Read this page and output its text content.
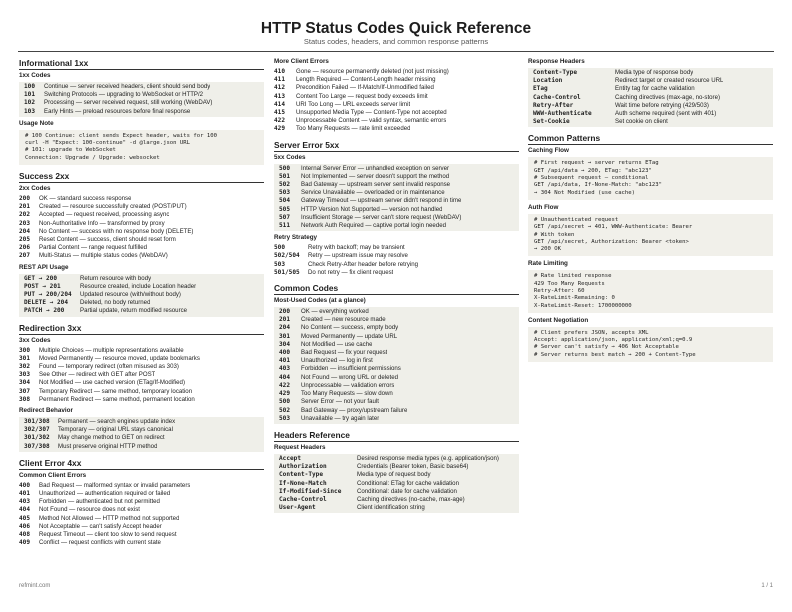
HTTP Status Codes Quick Reference
Status codes, headers, and common response patterns
Informational 1xx
1xx Codes
100	Continue — server received headers, client should send body
101	Switching Protocols — upgrading to WebSocket or HTTP/2
102	Processing — server received request, still working (WebDAV)
103	Early Hints — preload resources before final response
Usage Note
# 100 Continue: client sends Expect header, waits for 100
curl -H "Expect: 100-continue" -d @large.json URL
# 101: upgrade to WebSocket
Connection: Upgrade / Upgrade: websocket
Success 2xx
2xx Codes
200	OK — standard success response
201	Created — resource successfully created (POST/PUT)
202	Accepted — request received, processing async
203	Non-Authoritative Info — transformed by proxy
204	No Content — success with no response body (DELETE)
205	Reset Content — success, client should reset form
206	Partial Content — range request fulfilled
207	Multi-Status — multiple status codes (WebDAV)
REST API Usage
GET → 200	Return resource with body
POST → 201	Resource created, include Location header
PUT → 200/204	Updated resource (with/without body)
DELETE → 204	Deleted, no body returned
PATCH → 200	Partial update, return modified resource
Redirection 3xx
3xx Codes
300	Multiple Choices — multiple representations available
301	Moved Permanently — resource moved, update bookmarks
302	Found — temporary redirect (often misused as 303)
303	See Other — redirect with GET after POST
304	Not Modified — use cached version (ETag/If-Modified)
307	Temporary Redirect — same method, temporary location
308	Permanent Redirect — same method, permanent location
Redirect Behavior
301/308	Permanent — search engines update index
302/307	Temporary — original URL stays canonical
301/302	May change method to GET on redirect
307/308	Must preserve original HTTP method
Client Error 4xx
Common Client Errors
400	Bad Request — malformed syntax or invalid parameters
401	Unauthorized — authentication required or failed
403	Forbidden — authenticated but not permitted
404	Not Found — resource does not exist
405	Method Not Allowed — HTTP method not supported
406	Not Acceptable — can't satisfy Accept header
408	Request Timeout — client too slow to send request
409	Conflict — request conflicts with current state
More Client Errors
410	Gone — resource permanently deleted (not just missing)
411	Length Required — Content-Length header missing
412	Precondition Failed — If-Match/If-Unmodified failed
413	Content Too Large — request body exceeds limit
414	URI Too Long — URL exceeds server limit
415	Unsupported Media Type — Content-Type not accepted
422	Unprocessable Content — valid syntax, semantic errors
429	Too Many Requests — rate limit exceeded
Server Error 5xx
5xx Codes
500	Internal Server Error — unhandled exception on server
501	Not Implemented — server doesn't support the method
502	Bad Gateway — upstream server sent invalid response
503	Service Unavailable — overloaded or in maintenance
504	Gateway Timeout — upstream server didn't respond in time
505	HTTP Version Not Supported — version not handled
507	Insufficient Storage — server can't store request (WebDAV)
511	Network Auth Required — captive portal login needed
Retry Strategy
500	Retry with backoff; may be transient
502/504	Retry — upstream issue may resolve
503	Check Retry-After header before retrying
501/505	Do not retry — fix client request
Common Codes
Most-Used Codes (at a glance)
200	OK — everything worked
201	Created — new resource made
204	No Content — success, empty body
301	Moved Permanently — update URL
304	Not Modified — use cache
400	Bad Request — fix your request
401	Unauthorized — log in first
403	Forbidden — insufficient permissions
404	Not Found — wrong URL or deleted
422	Unprocessable — validation errors
429	Too Many Requests — slow down
500	Server Error — not your fault
502	Bad Gateway — proxy/upstream failure
503	Unavailable — try again later
Headers Reference
Request Headers
Accept	Desired response media types (e.g. application/json)
Authorization	Credentials (Bearer token, Basic base64)
Content-Type	Media type of request body
If-None-Match	Conditional: ETag for cache validation
If-Modified-Since	Conditional: date for cache validation
Cache-Control	Caching directives (no-cache, max-age)
User-Agent	Client identification string
Response Headers
Content-Type	Media type of response body
Location	Redirect target or created resource URL
ETag	Entity tag for cache validation
Cache-Control	Caching directives (max-age, no-store)
Retry-After	Wait time before retrying (429/503)
WWW-Authenticate	Auth scheme required (sent with 401)
Set-Cookie	Set cookie on client
Common Patterns
Caching Flow
# First request → server returns ETag
GET /api/data → 200, ETag: "abc123"
# Subsequent request — conditional
GET /api/data, If-None-Match: "abc123"
→ 304 Not Modified (use cache)
Auth Flow
# Unauthenticated request
GET /api/secret → 401, WWW-Authenticate: Bearer
# With token
GET /api/secret, Authorization: Bearer <token>
→ 200 OK
Rate Limiting
# Rate limited response
429 Too Many Requests
Retry-After: 60
X-RateLimit-Remaining: 0
X-RateLimit-Reset: 1700000000
Content Negotiation
# Client prefers JSON, accepts XML
Accept: application/json, application/xml;q=0.9
# Server can't satisfy → 406 Not Acceptable
# Server returns best match → 200 + Content-Type
refmint.com	1 / 1
